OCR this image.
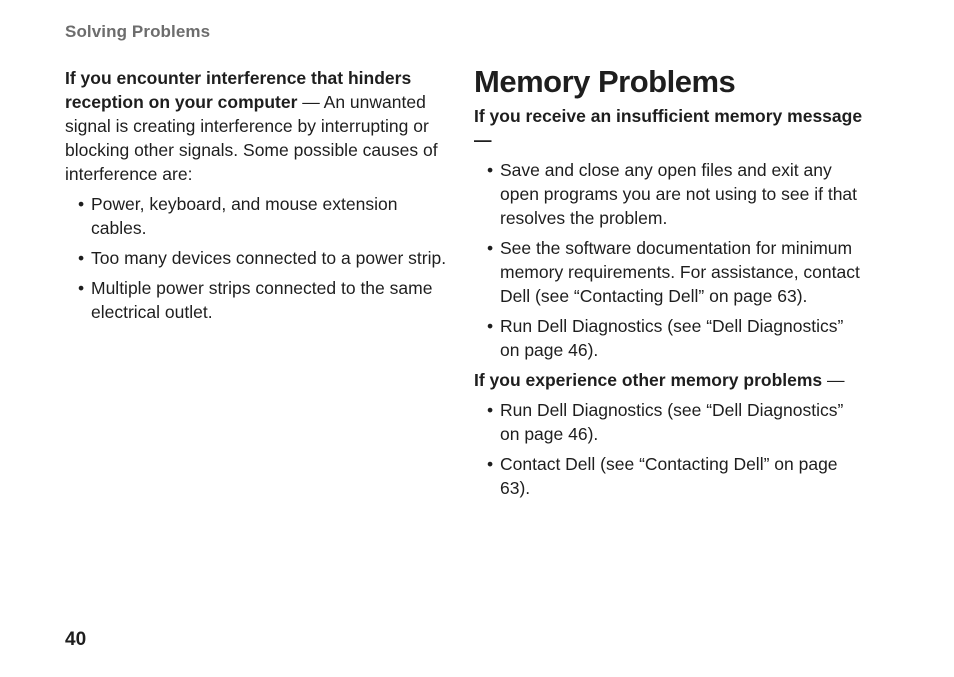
Solving Problems

If you encounter interference that hinders reception on your computer — An unwanted signal is creating interference by interrupting or blocking other signals. Some possible causes of interference are:

• Power, keyboard, and mouse extension cables.
• Too many devices connected to a power strip.
• Multiple power strips connected to the same electrical outlet.
Memory Problems

If you receive an insufficient memory message —

• Save and close any open files and exit any open programs you are not using to see if that resolves the problem.
• See the software documentation for minimum memory requirements. For assistance, contact Dell (see “Contacting Dell” on page 63).
• Run Dell Diagnostics (see “Dell Diagnostics” on page 46).

If you experience other memory problems —

• Run Dell Diagnostics (see “Dell Diagnostics” on page 46).
• Contact Dell (see “Contacting Dell” on page 63).
40
